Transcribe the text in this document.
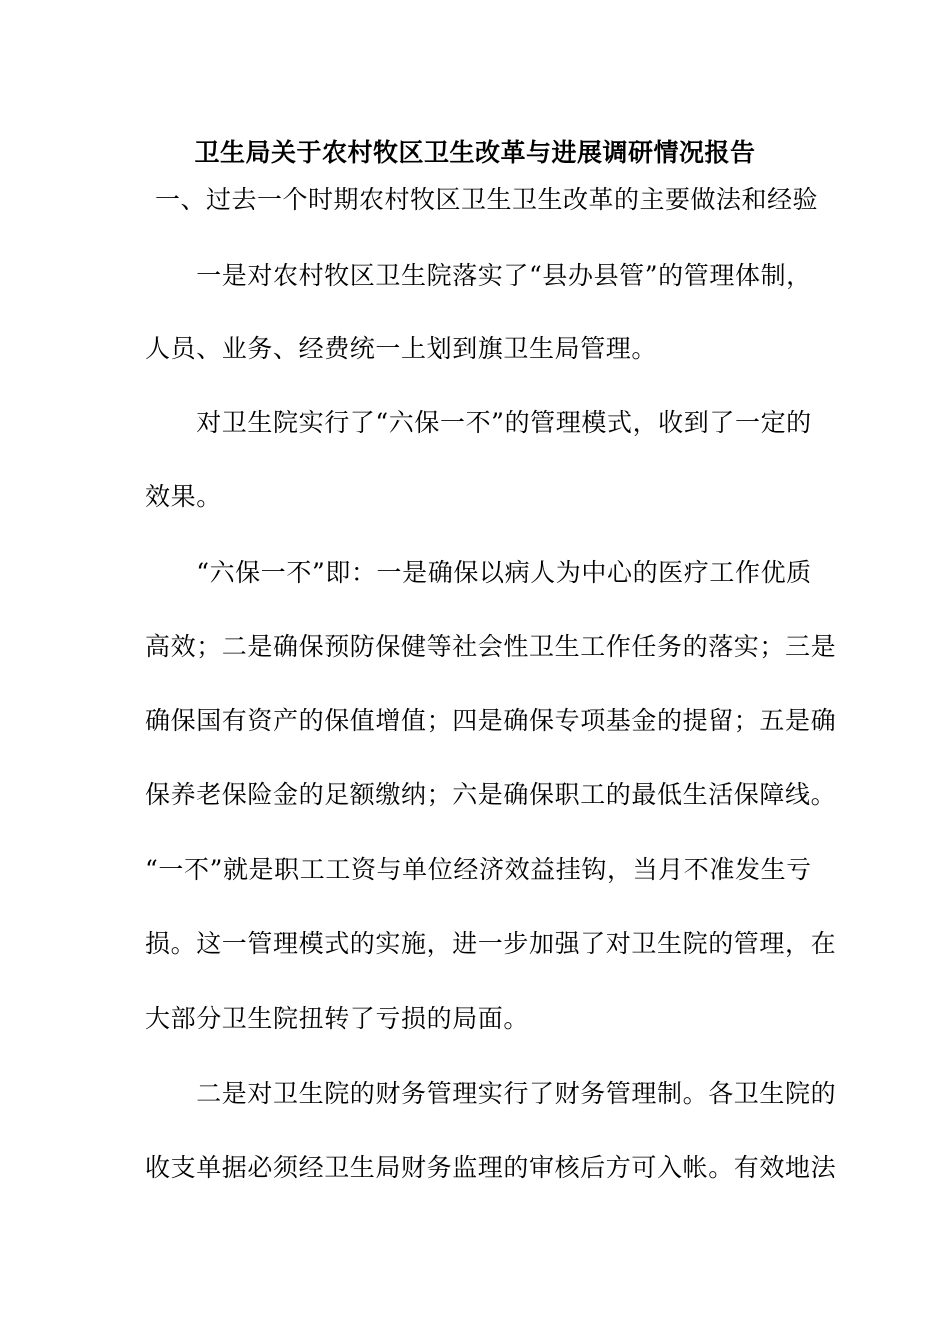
卫生局关于农村牧区卫生改革与进展调研情况报告
一、过去一个时期农村牧区卫生卫生改革的主要做法和经验
　　一是对农村牧区卫生院落实了“县办县管”的管理体制，
人员、业务、经费统一上划到旗卫生局管理。
　　对卫生院实行了“六保一不”的管理模式，收到了一定的
效果。
　　“六保一不”即：一是确保以病人为中心的医疗工作优质
高效；二是确保预防保健等社会性卫生工作任务的落实；三是
确保国有资产的保值增值；四是确保专项基金的提留；五是确
保养老保险金的足额缴纳；六是确保职工的最低生活保障线。
“一不”就是职工工资与单位经济效益挂钩，当月不准发生亏
损。这一管理模式的实施，进一步加强了对卫生院的管理，在
大部分卫生院扭转了亏损的局面。
　　二是对卫生院的财务管理实行了财务管理制。各卫生院的
收支单据必须经卫生局财务监理的审核后方可入帐。有效地法
